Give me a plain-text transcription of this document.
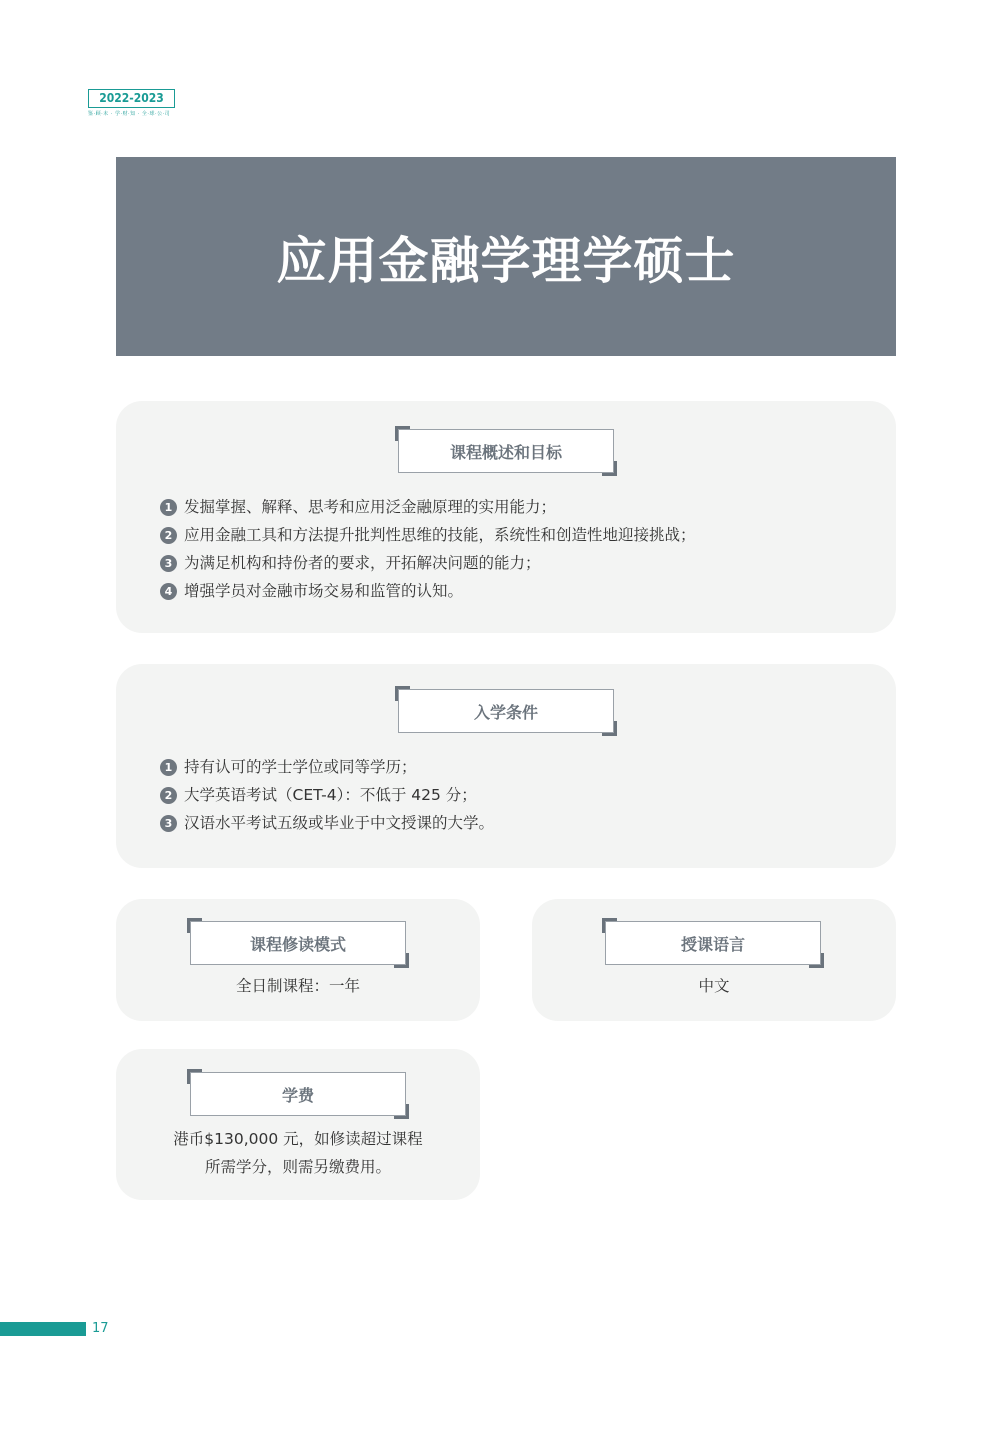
2022-2023
鉴·顾·未 · 学·财·知 · 全·球·公·司
应用金融学理学硕士
课程概述和目标
1 发掘掌握、解释、思考和应用泛金融原理的实用能力；
2 应用金融工具和方法提升批判性思维的技能，系统性和创造性地迎接挑战；
3 为满足机构和持份者的要求，开拓解决问题的能力；
4 增强学员对金融市场交易和监管的认知。
入学条件
1 持有认可的学士学位或同等学历；
2 大学英语考试（CET-4）：不低于 425 分；
3 汉语水平考试五级或毕业于中文授课的大学。
课程修读模式
全日制课程：一年
授课语言
中文
学费
港币$130,000 元，如修读超过课程
所需学分，则需另缴费用。
17
